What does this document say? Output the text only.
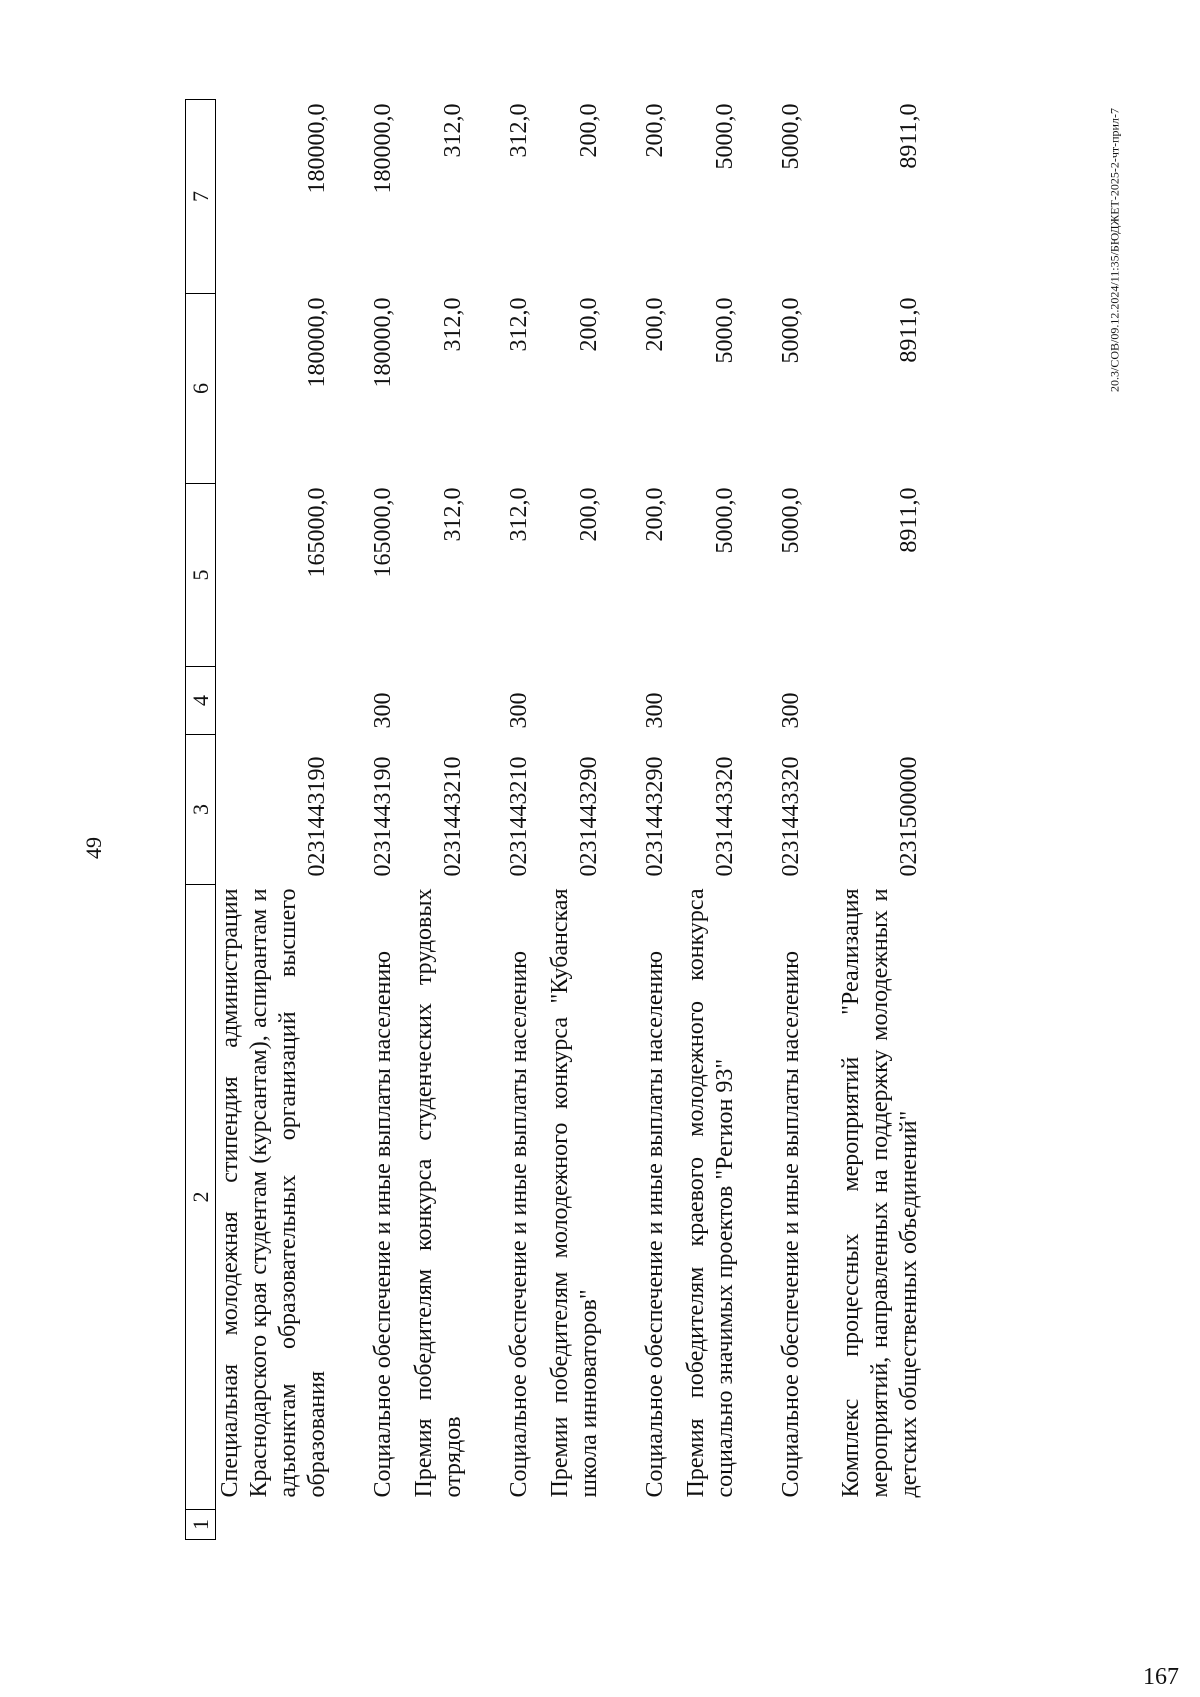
49
20.3/СОВ/09.12.2024/11:35/БЮДЖЕТ-2025-2-чт-прил-7
167
1	2	3	4	5	6	7
	Специальная молодежная стипендия администрации Краснодарского края студентам (курсантам), аспирантам и адъюнктам образовательных организаций высшего образования	0231443190		165000,0	180000,0	180000,0
	Социальное обеспечение и иные выплаты населению	0231443190	300	165000,0	180000,0	180000,0
	Премия победителям конкурса студенческих трудовых отрядов	0231443210		312,0	312,0	312,0
	Социальное обеспечение и иные выплаты населению	0231443210	300	312,0	312,0	312,0
	Премии победителям молодежного конкурса "Кубанская школа инноваторов"	0231443290		200,0	200,0	200,0
	Социальное обеспечение и иные выплаты населению	0231443290	300	200,0	200,0	200,0
	Премия победителям краевого молодежного конкурса социально значимых проектов "Регион 93"	0231443320		5000,0	5000,0	5000,0
	Социальное обеспечение и иные выплаты населению	0231443320	300	5000,0	5000,0	5000,0
	Комплекс процессных мероприятий "Реализация мероприятий, направленных на поддержку молодежных и детских общественных объединений"	0231500000		8911,0	8911,0	8911,0
